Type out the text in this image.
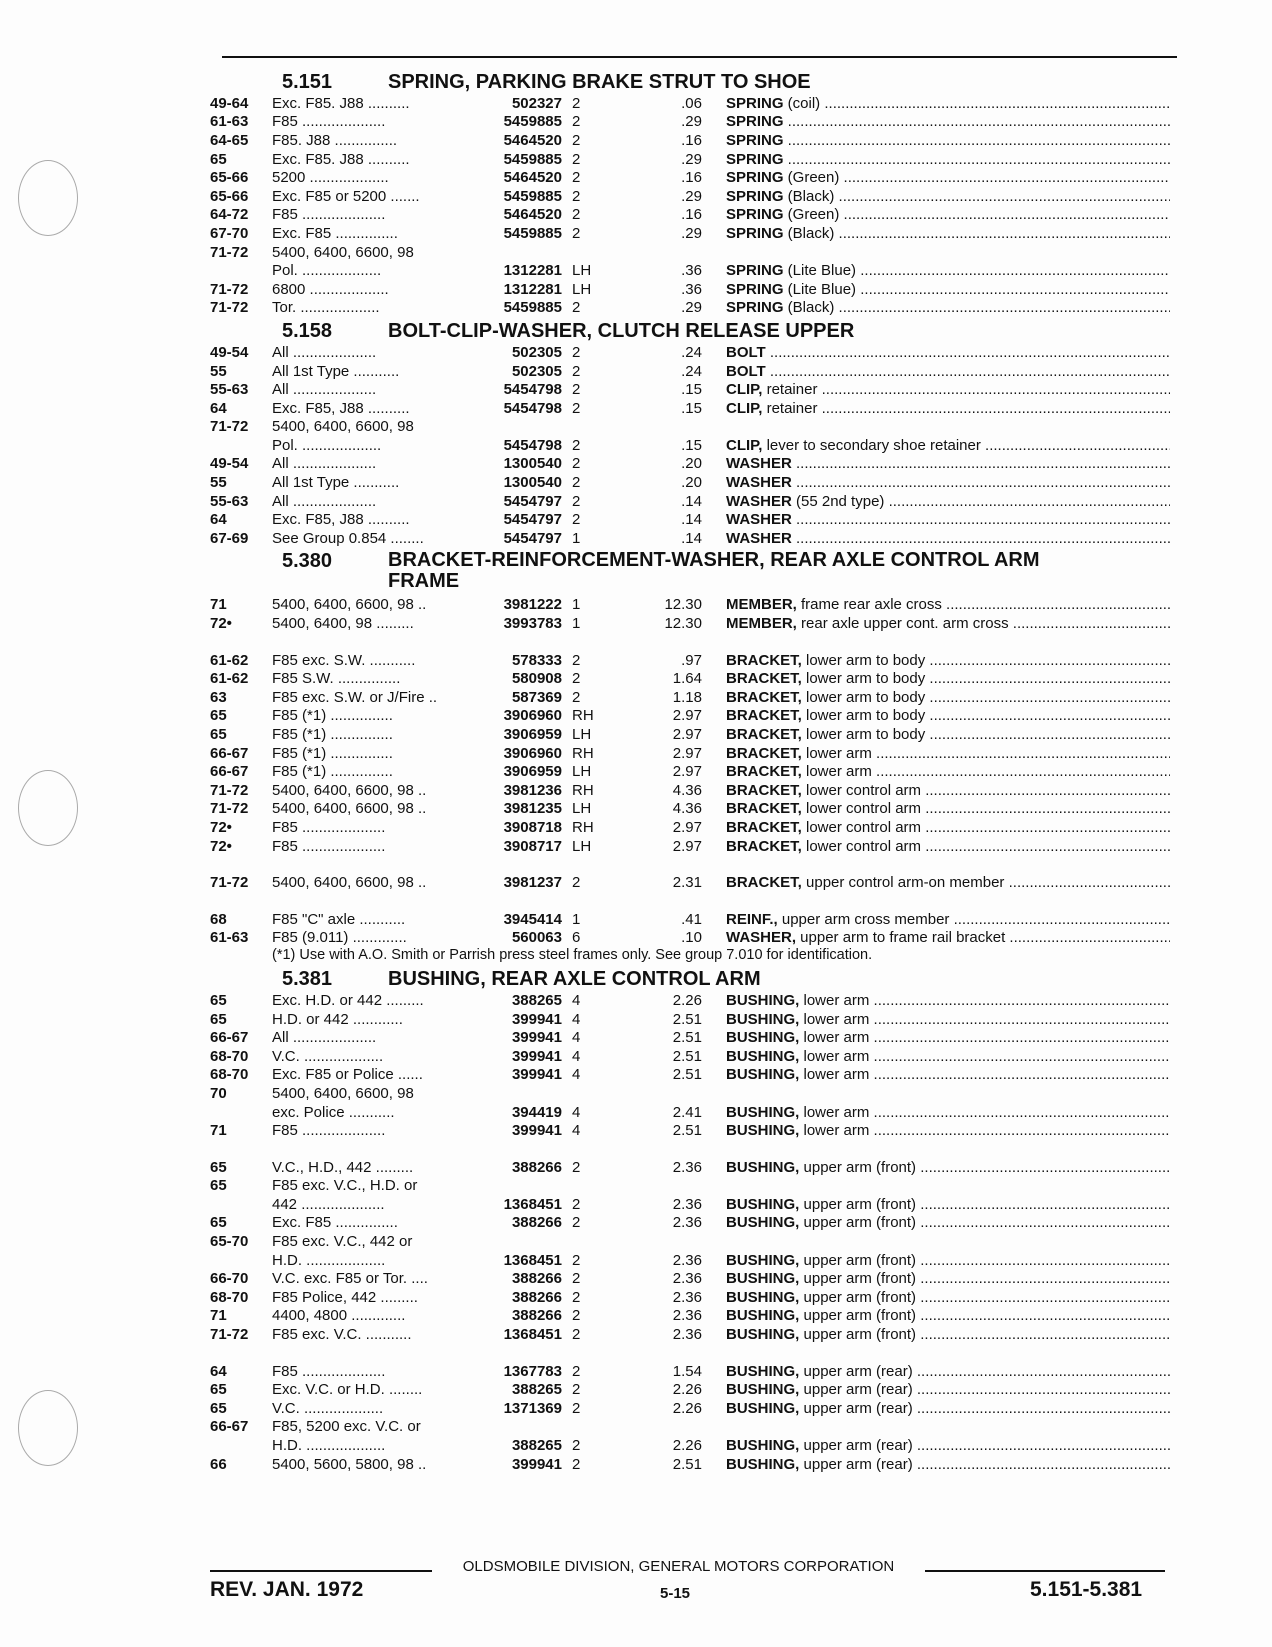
5.151	SPRING, PARKING BRAKE STRUT TO SHOE
49-64	Exc. F85. J88 ..........	502327 2	.06	SPRING (coil) .....
61-63	F85 ....................	5459885 2	.29	SPRING .....
64-65	F85. J88 ...............	5464520 2	.16	SPRING .....
65	Exc. F85. J88 ..........	5459885 2	.29	SPRING .....
65-66	5200 ...................	5464520 2	.16	SPRING (Green) .....
65-66	Exc. F85 or 5200 .......	5459885 2	.29	SPRING (Black) .....
64-72	F85 ....................	5464520 2	.16	SPRING (Green) .....
67-70	Exc. F85 ...............	5459885 2	.29	SPRING (Black) .....
71-72	5400, 6400, 6600, 98
Pol. ...................	1312281 LH	.36	SPRING (Lite Blue) .....
71-72	6800 ...................	1312281 LH	.36	SPRING (Lite Blue) .....
71-72	Tor. ...................	5459885 2	.29	SPRING (Black) .....
5.158	BOLT-CLIP-WASHER, CLUTCH RELEASE UPPER
49-54	All ....................	502305 2	.24	BOLT .....
55	All 1st Type ...........	502305 2	.24	BOLT .....
55-63	All ....................	5454798 2	.15	CLIP, retainer .....
64	Exc. F85, J88 ..........	5454798 2	.15	CLIP, retainer .....
71-72	5400, 6400, 6600, 98
Pol. ...................	5454798 2	.15	CLIP, lever to secondary shoe retainer .....
49-54	All ....................	1300540 2	.20	WASHER .....
55	All 1st Type ...........	1300540 2	.20	WASHER .....
55-63	All ....................	5454797 2	.14	WASHER (55 2nd type) .....
64	Exc. F85, J88 ..........	5454797 2	.14	WASHER .....
67-69	See Group 0.854 ........	5454797 1	.14	WASHER .....
5.380	BRACKET-REINFORCEMENT-WASHER, REAR AXLE CONTROL ARM
FRAME
71	5400, 6400, 6600, 98 ..	3981222 1	12.30	MEMBER, frame rear axle cross .....
72•	5400, 6400, 98 .........	3993783 1	12.30	MEMBER, rear axle upper cont. arm cross .....
61-62	F85 exc. S.W. ...........	578333 2	.97	BRACKET, lower arm to body .....
61-62	F85 S.W. ...............	580908 2	1.64	BRACKET, lower arm to body .....
63	F85 exc. S.W. or J/Fire ..	587369 2	1.18	BRACKET, lower arm to body .....
65	F85 (*1) ...............	3906960 RH	2.97	BRACKET, lower arm to body .....
65	F85 (*1) ...............	3906959 LH	2.97	BRACKET, lower arm to body .....
66-67	F85 (*1) ...............	3906960 RH	2.97	BRACKET, lower arm .....
66-67	F85 (*1) ...............	3906959 LH	2.97	BRACKET, lower arm .....
71-72	5400, 6400, 6600, 98 ..	3981236 RH	4.36	BRACKET, lower control arm .....
71-72	5400, 6400, 6600, 98 ..	3981235 LH	4.36	BRACKET, lower control arm .....
72•	F85 ....................	3908718 RH	2.97	BRACKET, lower control arm .....
72•	F85 ....................	3908717 LH	2.97	BRACKET, lower control arm .....
71-72	5400, 6400, 6600, 98 ..	3981237 2	2.31	BRACKET, upper control arm-on member .....
68	F85 "C" axle ...........	3945414 1	.41	REINF., upper arm cross member .....
61-63	F85 (9.011) .............	560063 6	.10	WASHER, upper arm to frame rail bracket .....
(*1) Use with A.O. Smith or Parrish press steel frames only. See group 7.010 for identification.
5.381	BUSHING, REAR AXLE CONTROL ARM
65	Exc. H.D. or 442 .........	388265 4	2.26	BUSHING, lower arm .....
65	H.D. or 442 ............	399941 4	2.51	BUSHING, lower arm .....
66-67	All ....................	399941 4	2.51	BUSHING, lower arm .....
68-70	V.C. ...................	399941 4	2.51	BUSHING, lower arm .....
68-70	Exc. F85 or Police ......	399941 4	2.51	BUSHING, lower arm .....
70	5400, 6400, 6600, 98
exc. Police ...........	394419 4	2.41	BUSHING, lower arm .....
71	F85 ....................	399941 4	2.51	BUSHING, lower arm .....
65	V.C., H.D., 442 .........	388266 2	2.36	BUSHING, upper arm (front) .....
65	F85 exc. V.C., H.D. or
442 ....................	1368451 2	2.36	BUSHING, upper arm (front) .....
65	Exc. F85 ...............	388266 2	2.36	BUSHING, upper arm (front) .....
65-70	F85 exc. V.C., 442 or
H.D. ...................	1368451 2	2.36	BUSHING, upper arm (front) .....
66-70	V.C. exc. F85 or Tor. ....	388266 2	2.36	BUSHING, upper arm (front) .....
68-70	F85 Police, 442 .........	388266 2	2.36	BUSHING, upper arm (front) .....
71	4400, 4800 .............	388266 2	2.36	BUSHING, upper arm (front) .....
71-72	F85 exc. V.C. ...........	1368451 2	2.36	BUSHING, upper arm (front) .....
64	F85 ....................	1367783 2	1.54	BUSHING, upper arm (rear) .....
65	Exc. V.C. or H.D. ........	388265 2	2.26	BUSHING, upper arm (rear) .....
65	V.C. ...................	1371369 2	2.26	BUSHING, upper arm (rear) .....
66-67	F85, 5200 exc. V.C. or
H.D. ...................	388265 2	2.26	BUSHING, upper arm (rear) .....
66	5400, 5600, 5800, 98 ..	399941 2	2.51	BUSHING, upper arm (rear) .....
OLDSMOBILE DIVISION, GENERAL MOTORS CORPORATION
REV. JAN. 1972	5-15	5.151-5.381
